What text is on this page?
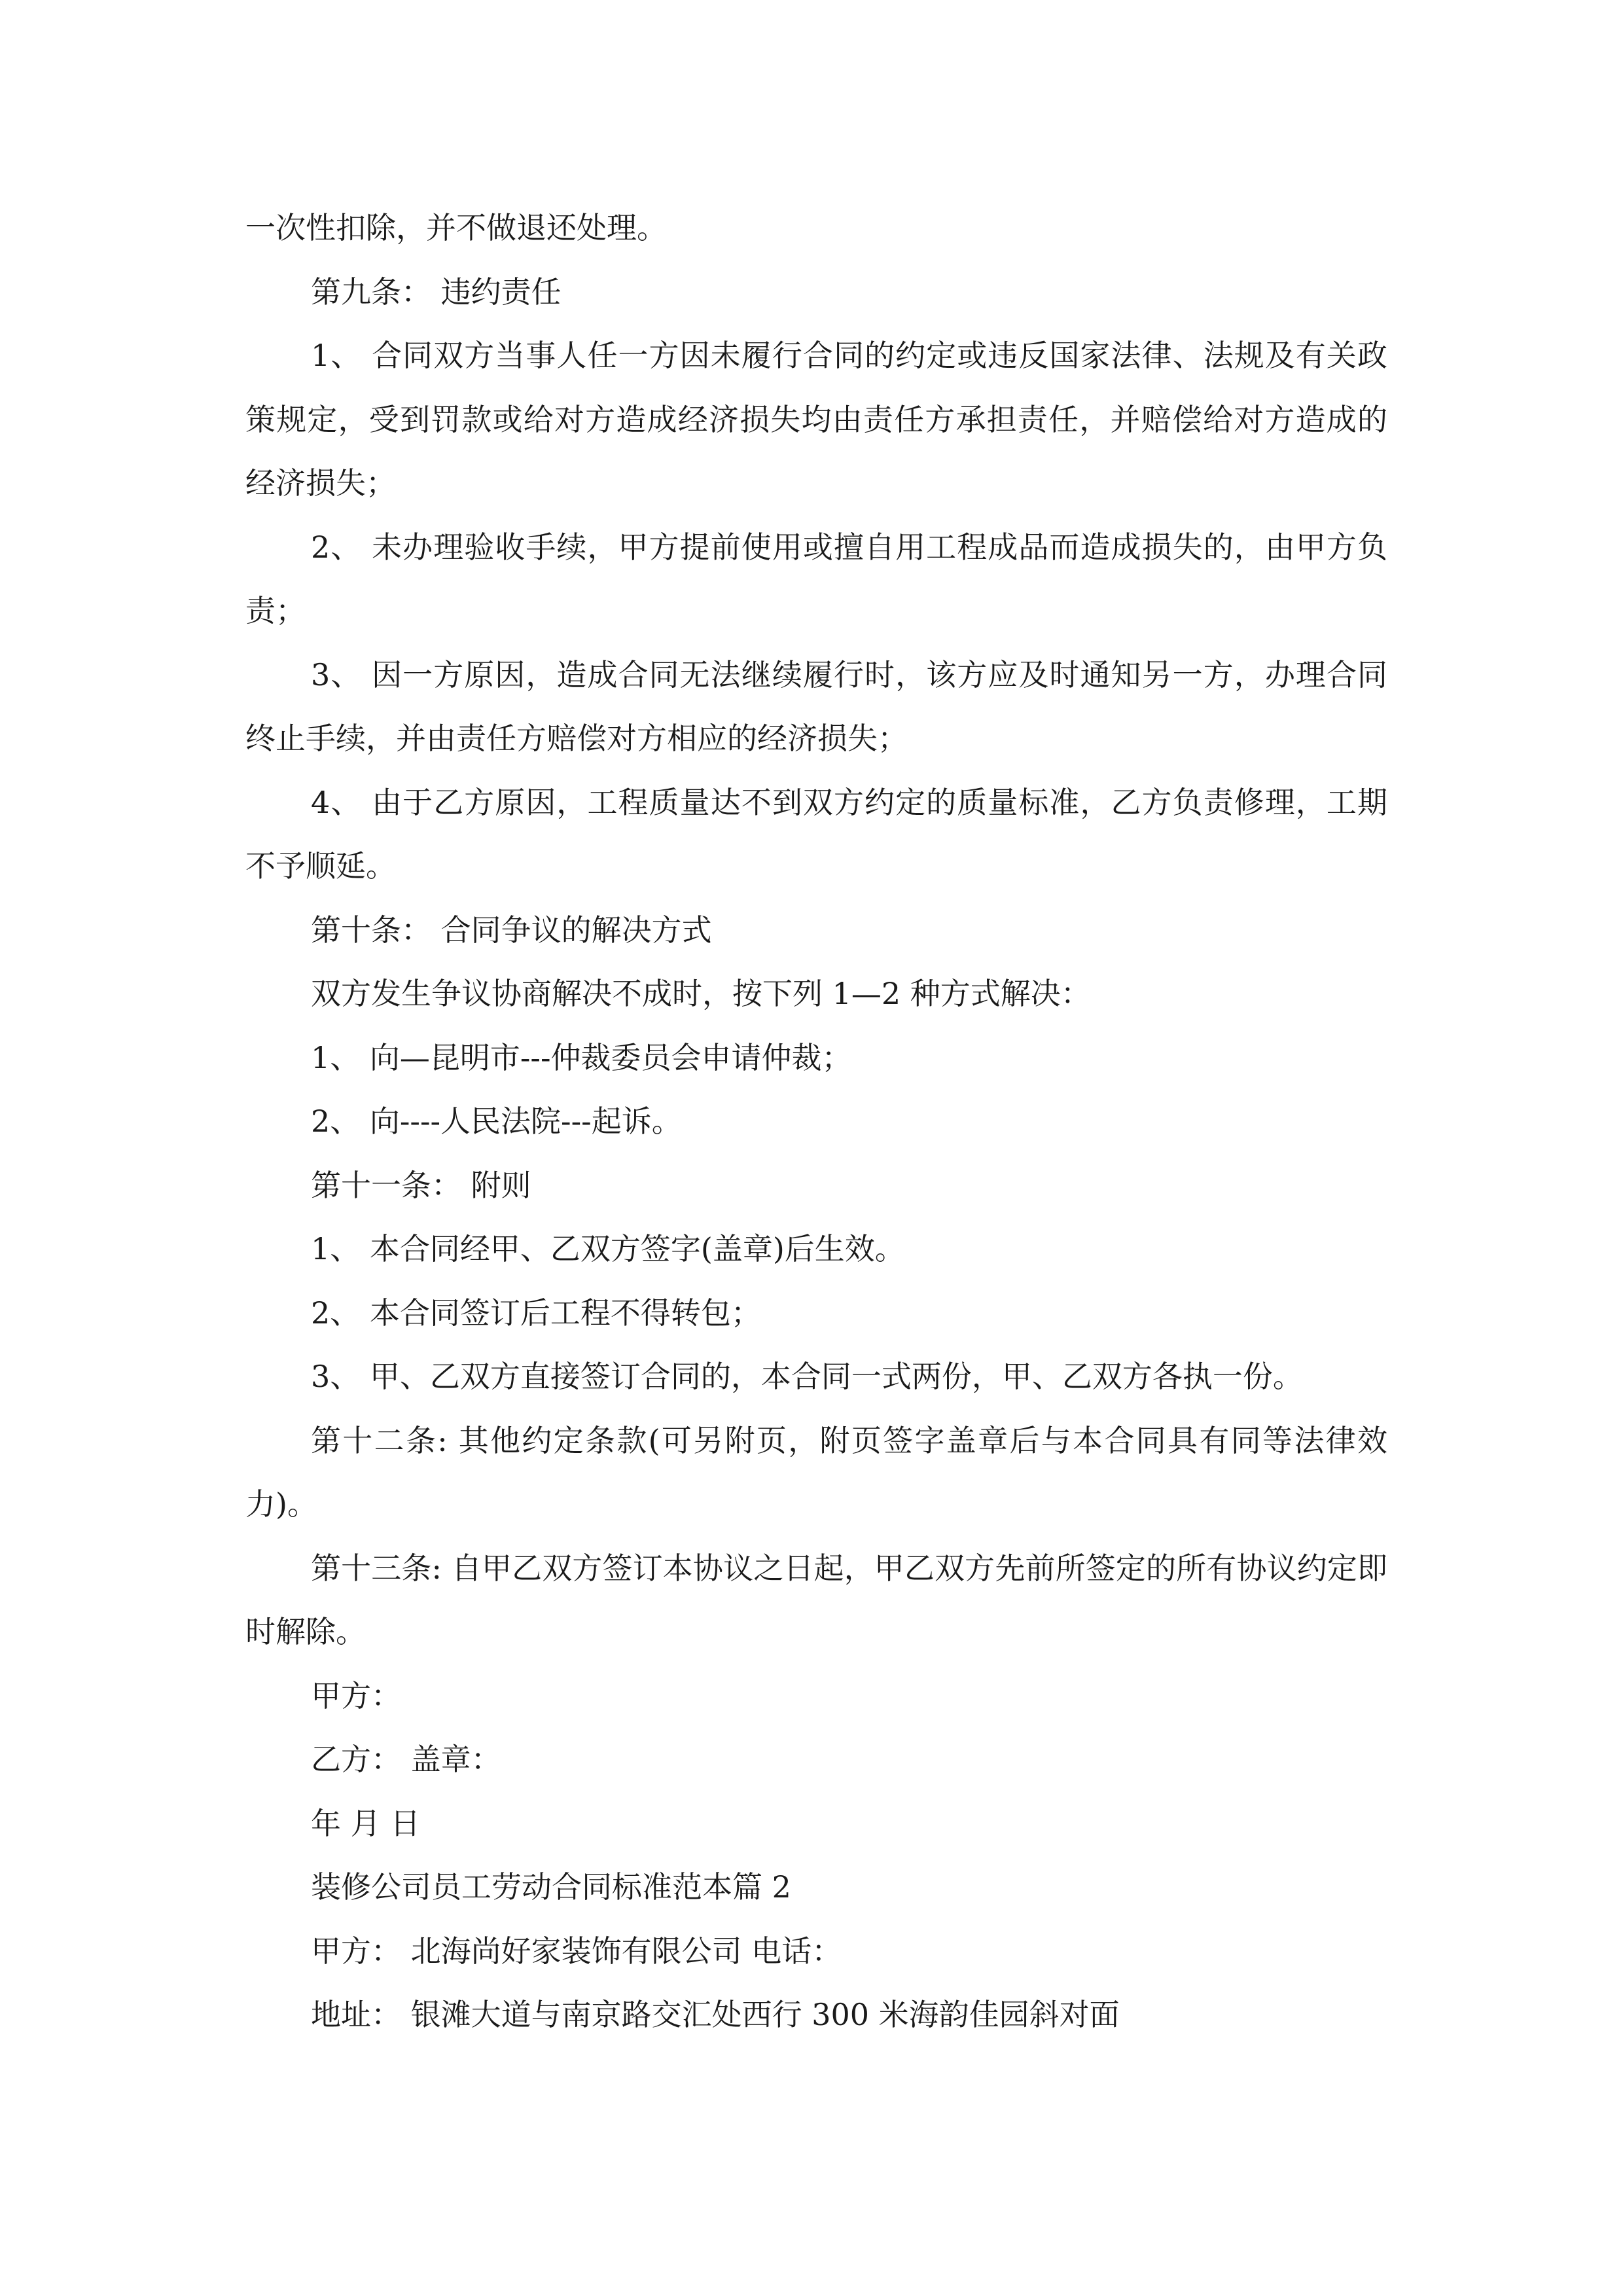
一次性扣除，并不做退还处理。

第九条： 违约责任

1、 合同双方当事人任一方因未履行合同的约定或违反国家法律、法规及有关政策规定，受到罚款或给对方造成经济损失均由责任方承担责任，并赔偿给对方造成的经济损失；

2、 未办理验收手续，甲方提前使用或擅自用工程成品而造成损失的，由甲方负责；

3、 因一方原因，造成合同无法继续履行时，该方应及时通知另一方，办理合同终止手续，并由责任方赔偿对方相应的经济损失；

4、 由于乙方原因，工程质量达不到双方约定的质量标准，乙方负责修理，工期不予顺延。

第十条： 合同争议的解决方式

双方发生争议协商解决不成时，按下列 1—2 种方式解决：

1、 向—昆明市---仲裁委员会申请仲裁；

2、 向----人民法院---起诉。

第十一条： 附则

1、 本合同经甲、乙双方签字(盖章)后生效。

2、 本合同签订后工程不得转包；

3、 甲、乙双方直接签订合同的，本合同一式两份，甲、乙双方各执一份。

第十二条: 其他约定条款(可另附页，附页签字盖章后与本合同具有同等法律效力)。

第十三条: 自甲乙双方签订本协议之日起，甲乙双方先前所签定的所有协议约定即时解除。

甲方：

乙方： 盖章：

年 月 日

装修公司员工劳动合同标准范本篇 2

甲方： 北海尚好家装饰有限公司 电话：

地址： 银滩大道与南京路交汇处西行 300 米海韵佳园斜对面
